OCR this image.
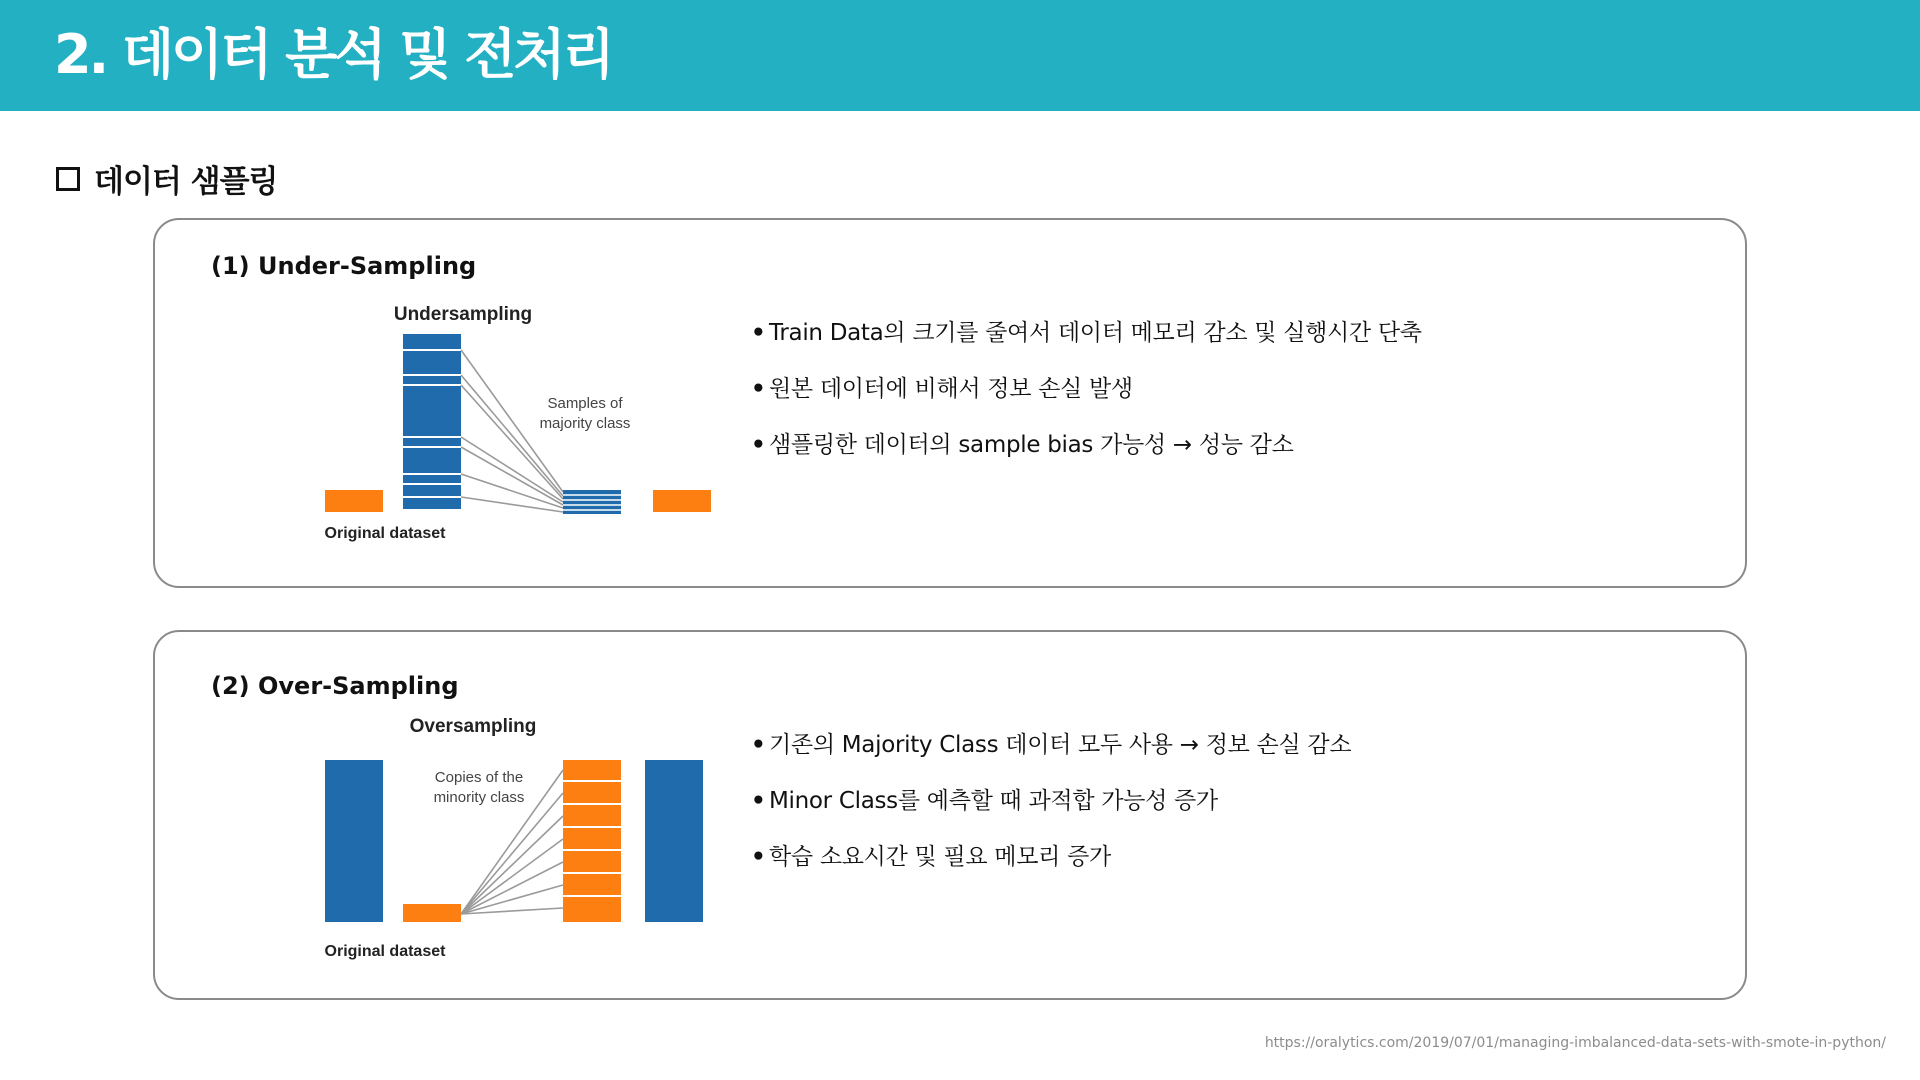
2. 데이터 분석 및 전처리
데이터 샘플링
(1) Under-Sampling
Undersampling
Samples of
majority class
Original dataset
• Train Data의 크기를 줄여서 데이터 메모리 감소 및 실행시간 단축
• 원본 데이터에 비해서 정보 손실 발생
• 샘플링한 데이터의 sample bias 가능성 → 성능 감소
(2) Over-Sampling
Oversampling
Copies of the
minority class
Original dataset
• 기존의 Majority Class 데이터 모두 사용 → 정보 손실 감소
• Minor Class를 예측할 때 과적합 가능성 증가
• 학습 소요시간 및 필요 메모리 증가
https://oralytics.com/2019/07/01/managing-imbalanced-data-sets-with-smote-in-python/
